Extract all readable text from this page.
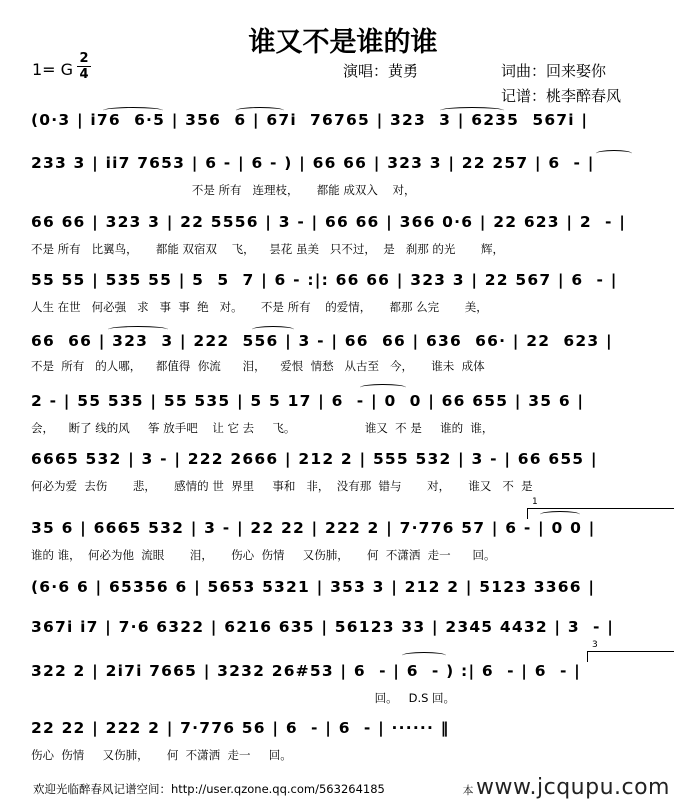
谁又不是谁的谁
1= G
2
4	演唱：黄勇	词曲：回来娶你
记谱：桃李醉春风
(0·3 | i76  6·5 | 356  6 | 67i  76765 | 323  3 | 6235  567i |
233 3 | ii7 7653 | 6 - | 6 - ) | 66 66 | 323 3 | 22 257 | 6  - |
不是 所有   连理枝，     都能 成双入    对，
66 66 | 323 3 | 22 5556 | 3 - | 66 66 | 366 0·6 | 22 623 | 2  - |
不是 所有   比翼鸟，     都能 双宿双    飞，    昙花 虽美   只不过，  是   刹那 的光       辉，
55 55 | 535 55 | 5  5  7 | 6 - :|: 66 66 | 323 3 | 22 567 | 6  - |
人生 在世   何必强   求   事  事  绝   对。     不是 所有    的爱情，     都那 么完       美，
66  66 | 323  3 | 222  556 | 3 - | 66  66 | 636  66· | 22  623 |
不是  所有   的人哪，    都值得  你流      泪，    爱恨  情愁   从古至   今，     谁未  成体
2 - | 55 535 | 55 535 | 5 5 17 | 6  - | 0  0 | 66 655 | 35 6 |
会，    断了 线的风     筝 放手吧    让 它 去     飞。                   谁又  不 是     谁的  谁，
6665 532 | 3 - | 222 2666 | 212 2 | 555 532 | 3 - | 66 655 |
何必为爱  去伤       悲，     感情的 世  界里     事和   非，  没有那  错与       对，     谁又   不  是
1
35 6 | 6665 532 | 3 - | 22 22 | 222 2 | 7·776 57 | 6 - | 0 0 |
谁的 谁，  何必为他  流眼       泪，     伤心  伤情     又伤肺，     何  不潇洒  走一      回。
(6·6 6 | 65356 6 | 5653 5321 | 353 3 | 212 2 | 5123 3366 |
367i i7 | 7·6 6322 | 6216 635 | 56123 33 | 2345 4432 | 3  - |
3
322 2 | 2i7i 7665 | 3232 26#53 | 6  - | 6  - ) :| 6  - | 6  - |
回。   D.S 回。
22 22 | 222 2 | 7·776 56 | 6  - | 6  - | ······ ‖
伤心  伤情     又伤肺，     何  不潇洒  走一     回。
欢迎光临醉春风记谱空间：http://user.qzone.qq.com/563264185	本www.jcqupu.com
